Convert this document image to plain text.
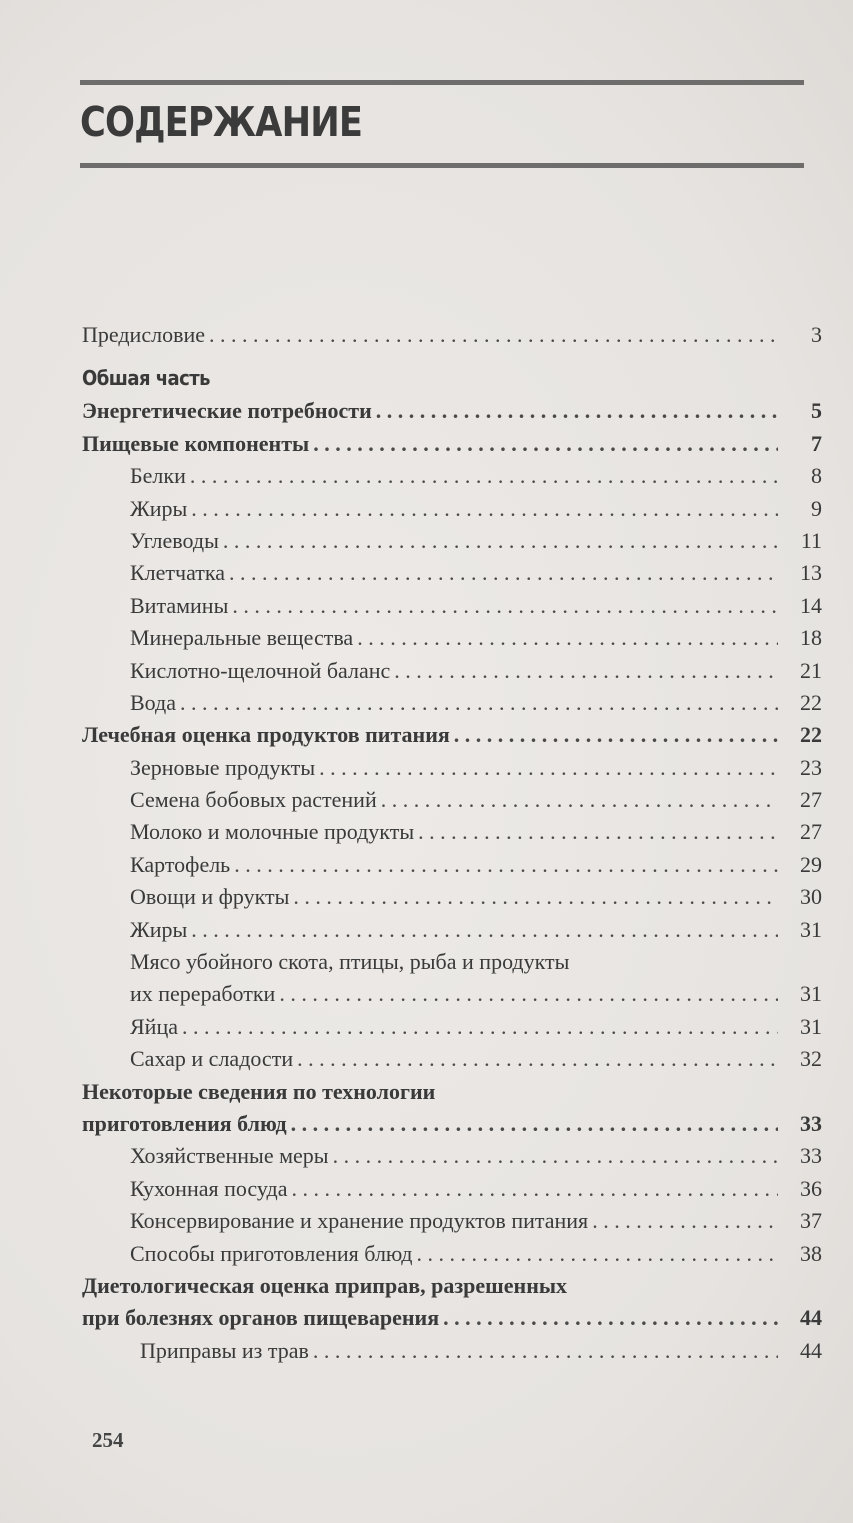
СОДЕРЖАНИЕ
Предисловие . . .	3
Обшая часть
Энергетические потребности . . .	5
Пищевые компоненты . . .	7
Белки . . .	8
Жиры . . .	9
Углеводы . . .	11
Клетчатка . . .	13
Витамины . . .	14
Минеральные вещества . . .	18
Кислотно-щелочной баланс . . .	21
Вода . . .	22
Лечебная оценка продуктов питания . . .	22
Зерновые продукты . . .	23
Семена бобовых растений . . .	27
Молоко и молочные продукты . . .	27
Картофель . . .	29
Овощи и фрукты . . .	30
Жиры . . .	31
Мясо убойного скота, птицы, рыба и продукты
их переработки . . .	31
Яйца . . .	31
Сахар и сладости . . .	32
Некоторые сведения по технологии
приготовления блюд . . .	33
Хозяйственные меры . . .	33
Кухонная посуда . . .	36
Консервирование и хранение продуктов питания . . .	37
Способы приготовления блюд . . .	38
Диетологическая оценка приправ, разрешенных
при болезнях органов пищеварения . . .	44
Приправы из трав . . .	44
254
